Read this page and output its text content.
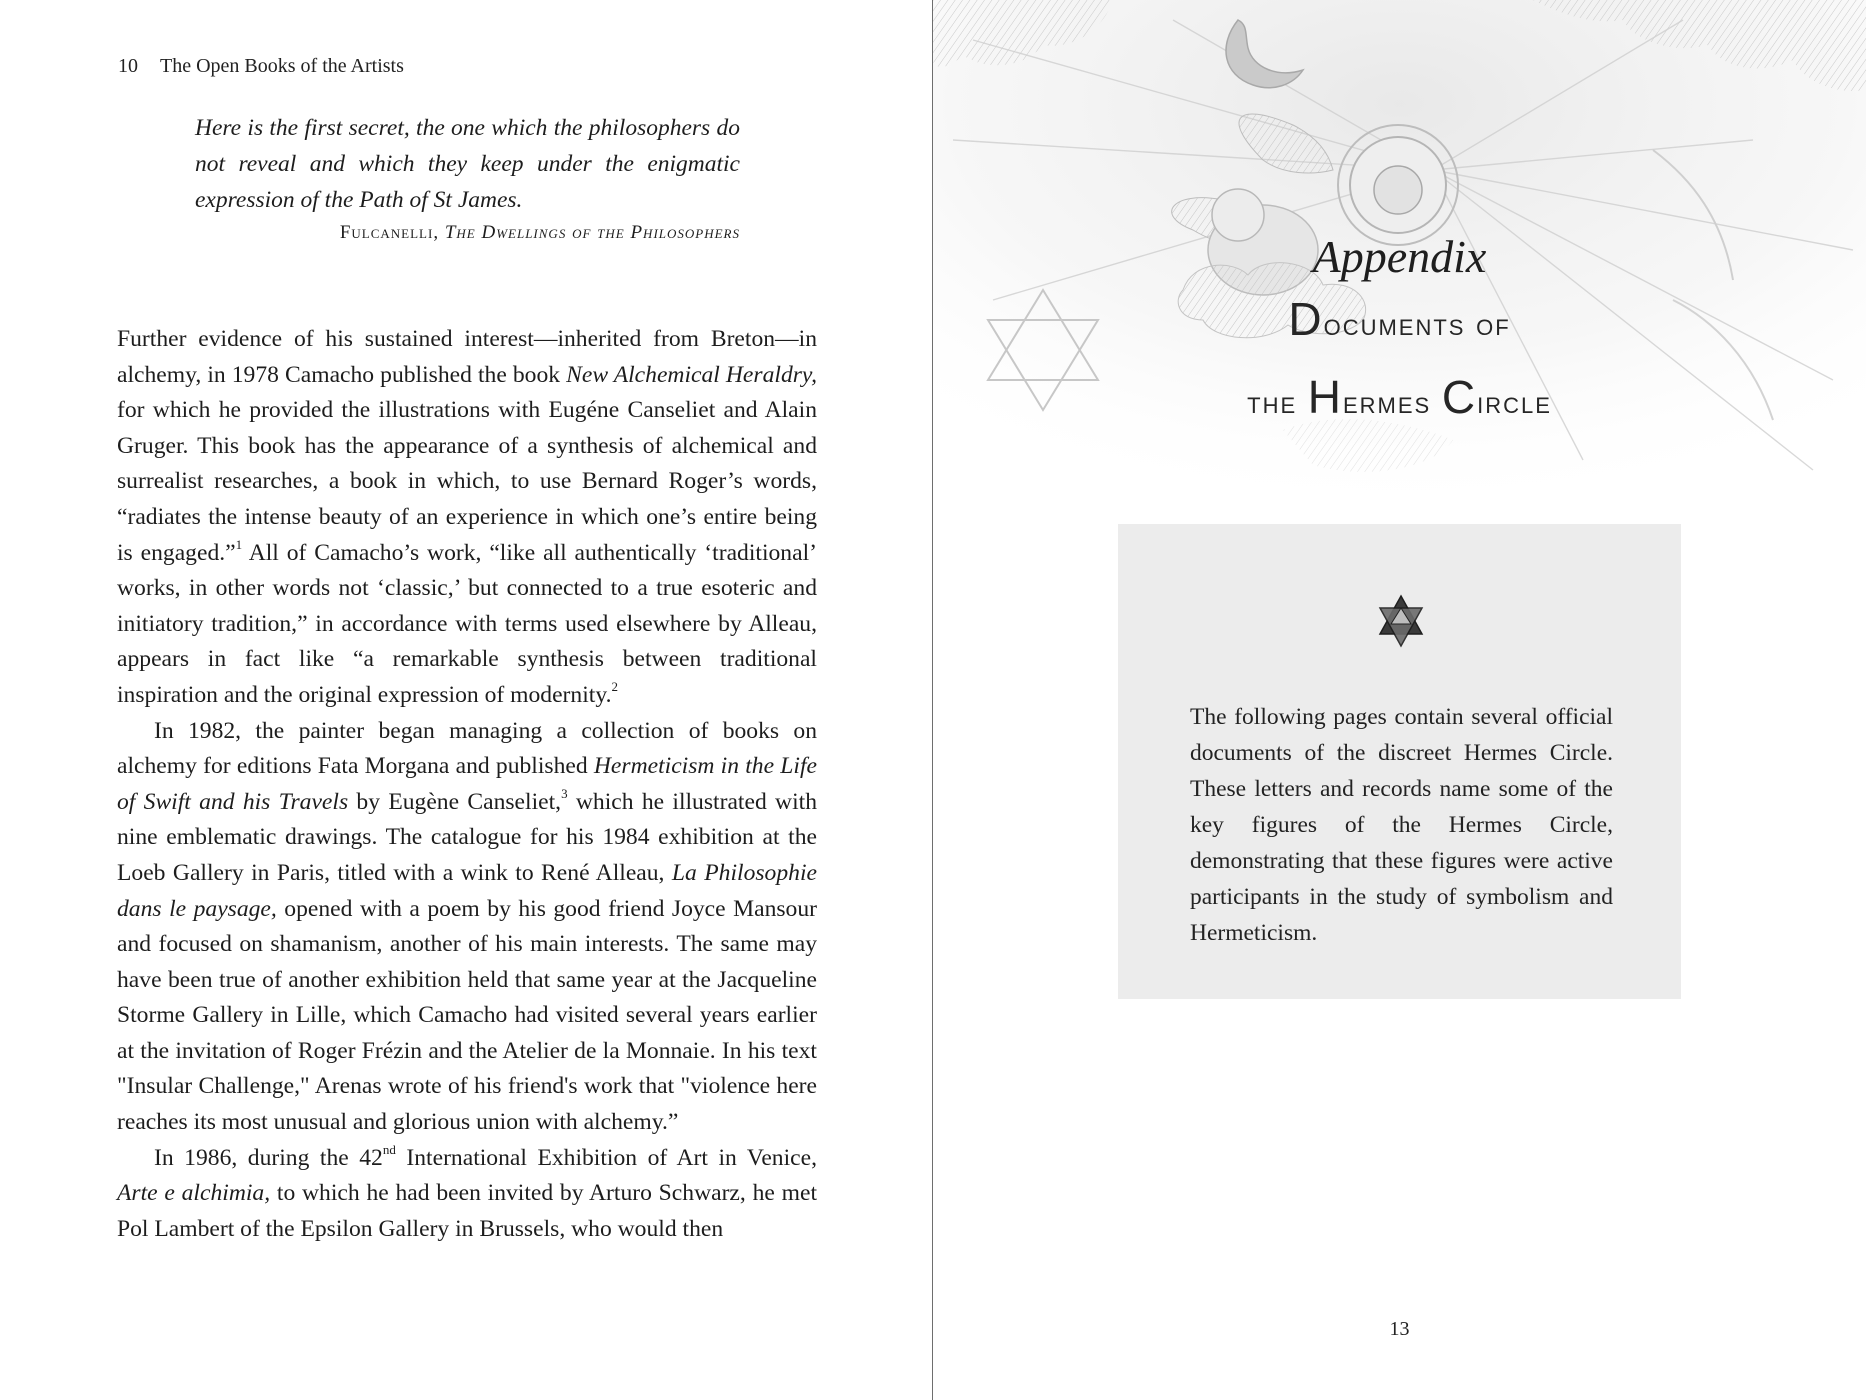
10 The Open Books of the Artists
Here is the first secret, the one which the philosophers do not reveal and which they keep under the enigmatic expression of the Path of St James.
Fulcanelli, The Dwellings of the Philosophers

Further evidence of his sustained interest—inherited from Breton—in alchemy, in 1978 Camacho published the book New Alchemical Heraldry, for which he provided the illustrations with Eugéne Canseliet and Alain Gruger. This book has the appearance of a synthesis of alchemical and surrealist researches, a book in which, to use Bernard Roger’s words, “radiates the intense beauty of an experience in which one’s entire being is engaged.”$^1$ All of Camacho’s work, “like all authentically ‘traditional’ works, in other words not ‘classic,’ but connected to a true esoteric and initiatory tradition,” in accordance with terms used elsewhere by Alleau, appears in fact like “a remarkable synthesis between traditional inspiration and the original expression of modernity.$^2$

In 1982, the painter began managing a collection of books on alchemy for editions Fata Morgana and published Hermeticism in the Life of Swift and his Travels by Eugène Canseliet,$^3$ which he illustrated with nine emblematic drawings. The catalogue for his 1984 exhibition at the Loeb Gallery in Paris, titled with a wink to René Alleau, La Philosophie dans le paysage, opened with a poem by his good friend Joyce Mansour and focused on shamanism, another of his main interests. The same may have been true of another exhibition held that same year at the Jacqueline Storme Gallery in Lille, which Camacho had visited several years earlier at the invitation of Roger Frézin and the Atelier de la Monnaie. In his text "Insular Challenge," Arenas wrote of his friend's work that "violence here reaches its most unusual and glorious union with alchemy.”

In 1986, during the 42nd International Exhibition of Art in Venice, Arte e alchimia, to which he had been invited by Arturo Schwarz, he met Pol Lambert of the Epsilon Gallery in Brussels, who would then

Appendix
Documents of
the Hermes Circle
The following pages contain several official documents of the discreet Hermes Circle. These letters and records name some of the key figures of the Hermes Circle, demonstrating that these figures were active participants in the study of symbolism and Hermeticism.
13
